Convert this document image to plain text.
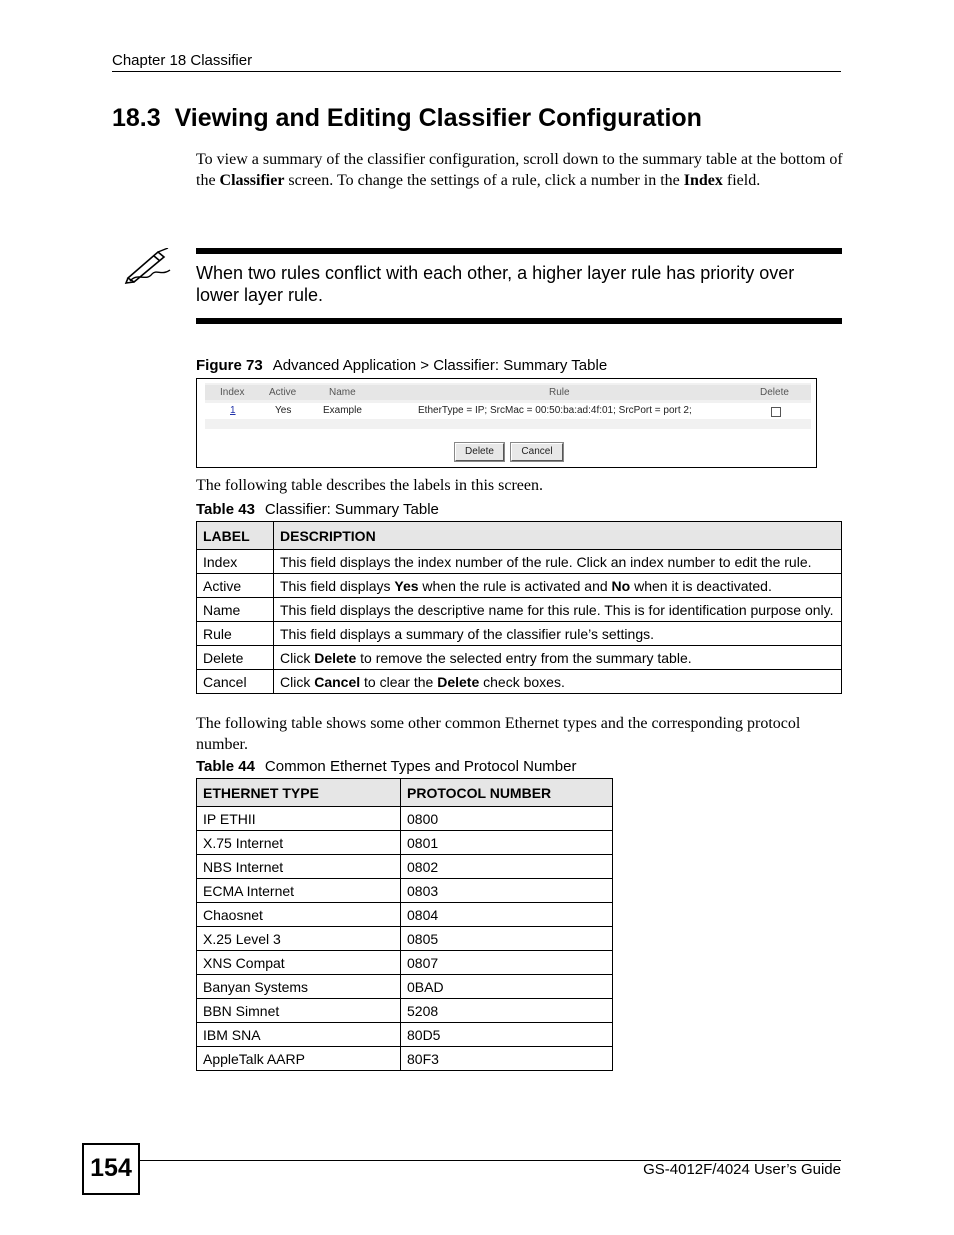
Chapter 18 Classifier
18.3 Viewing and Editing Classifier Configuration
To view a summary of the classifier configuration, scroll down to the summary table at the bottom of the Classifier screen. To change the settings of a rule, click a number in the Index field.
When two rules conflict with each other, a higher layer rule has priority over lower layer rule.
Figure 73 Advanced Application > Classifier: Summary Table
Index Active	Name	Rule	Delete
1	Yes	Example	EtherType = IP; SrcMac = 00:50:ba:ad:4f:01; SrcPort = port 2;
Delete	Cancel
The following table describes the labels in this screen.
Table 43 Classifier: Summary Table
LABEL	DESCRIPTION
Index	This field displays the index number of the rule. Click an index number to edit the rule.
Active	This field displays Yes when the rule is activated and No when it is deactivated.
Name	This field displays the descriptive name for this rule. This is for identification purpose only.
Rule	This field displays a summary of the classifier rule’s settings.
Delete	Click Delete to remove the selected entry from the summary table.
Cancel	Click Cancel to clear the Delete check boxes.
The following table shows some other common Ethernet types and the corresponding protocol number.
Table 44 Common Ethernet Types and Protocol Number
ETHERNET TYPE	PROTOCOL NUMBER
IP ETHII	0800
X.75 Internet	0801
NBS Internet	0802
ECMA Internet	0803
Chaosnet	0804
X.25 Level 3	0805
XNS Compat	0807
Banyan Systems	0BAD
BBN Simnet	5208
IBM SNA	80D5
AppleTalk AARP	80F3
154	GS-4012F/4024 User’s Guide
